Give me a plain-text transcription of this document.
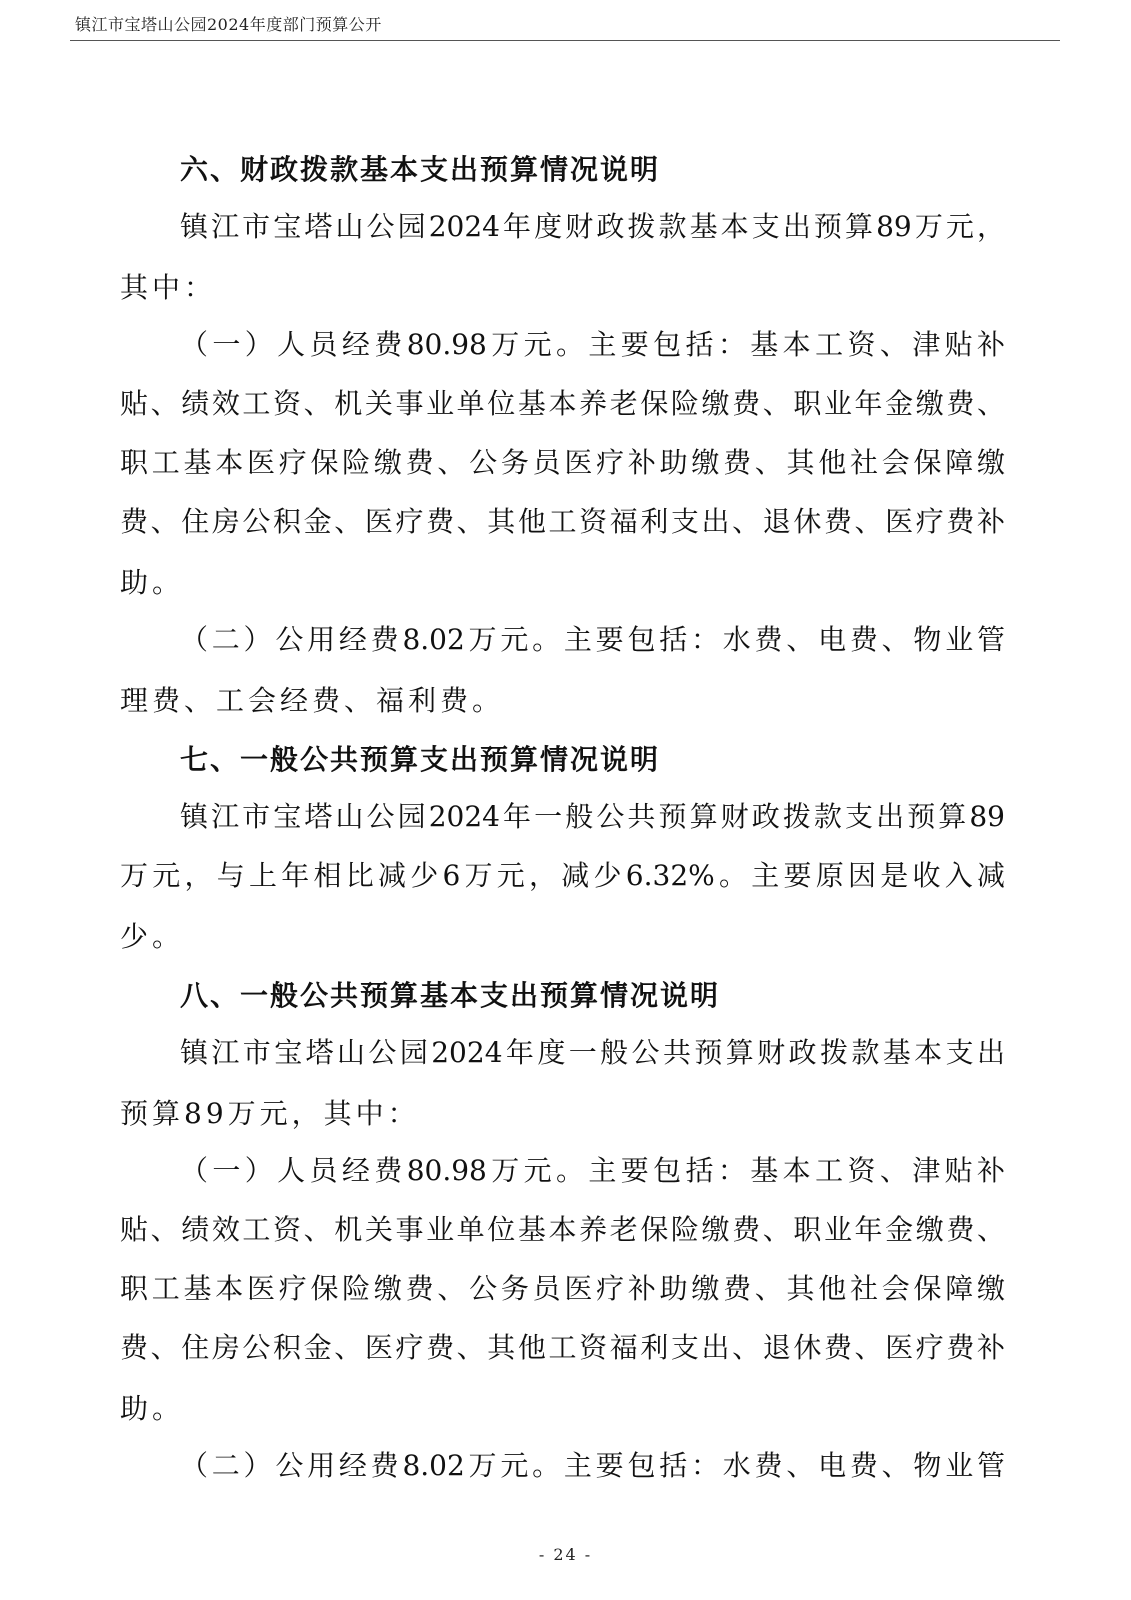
镇江市宝塔山公园2024年度部门预算公开
六、财政拨款基本支出预算情况说明
镇江市宝塔山公园2024年度财政拨款基本支出预算89万元，
其中：
（一）人员经费80.98万元。主要包括：基本工资、津贴补
贴、绩效工资、机关事业单位基本养老保险缴费、职业年金缴费、
职工基本医疗保险缴费、公务员医疗补助缴费、其他社会保障缴
费、住房公积金、医疗费、其他工资福利支出、退休费、医疗费补
助。
（二）公用经费8.02万元。主要包括：水费、电费、物业管
理费、工会经费、福利费。
七、一般公共预算支出预算情况说明
镇江市宝塔山公园2024年一般公共预算财政拨款支出预算89
万元，与上年相比减少6万元，减少6.32%。主要原因是收入减
少。
八、一般公共预算基本支出预算情况说明
镇江市宝塔山公园2024年度一般公共预算财政拨款基本支出
预算89万元，其中：
（一）人员经费80.98万元。主要包括：基本工资、津贴补
贴、绩效工资、机关事业单位基本养老保险缴费、职业年金缴费、
职工基本医疗保险缴费、公务员医疗补助缴费、其他社会保障缴
费、住房公积金、医疗费、其他工资福利支出、退休费、医疗费补
助。
（二）公用经费8.02万元。主要包括：水费、电费、物业管
- 24 -
